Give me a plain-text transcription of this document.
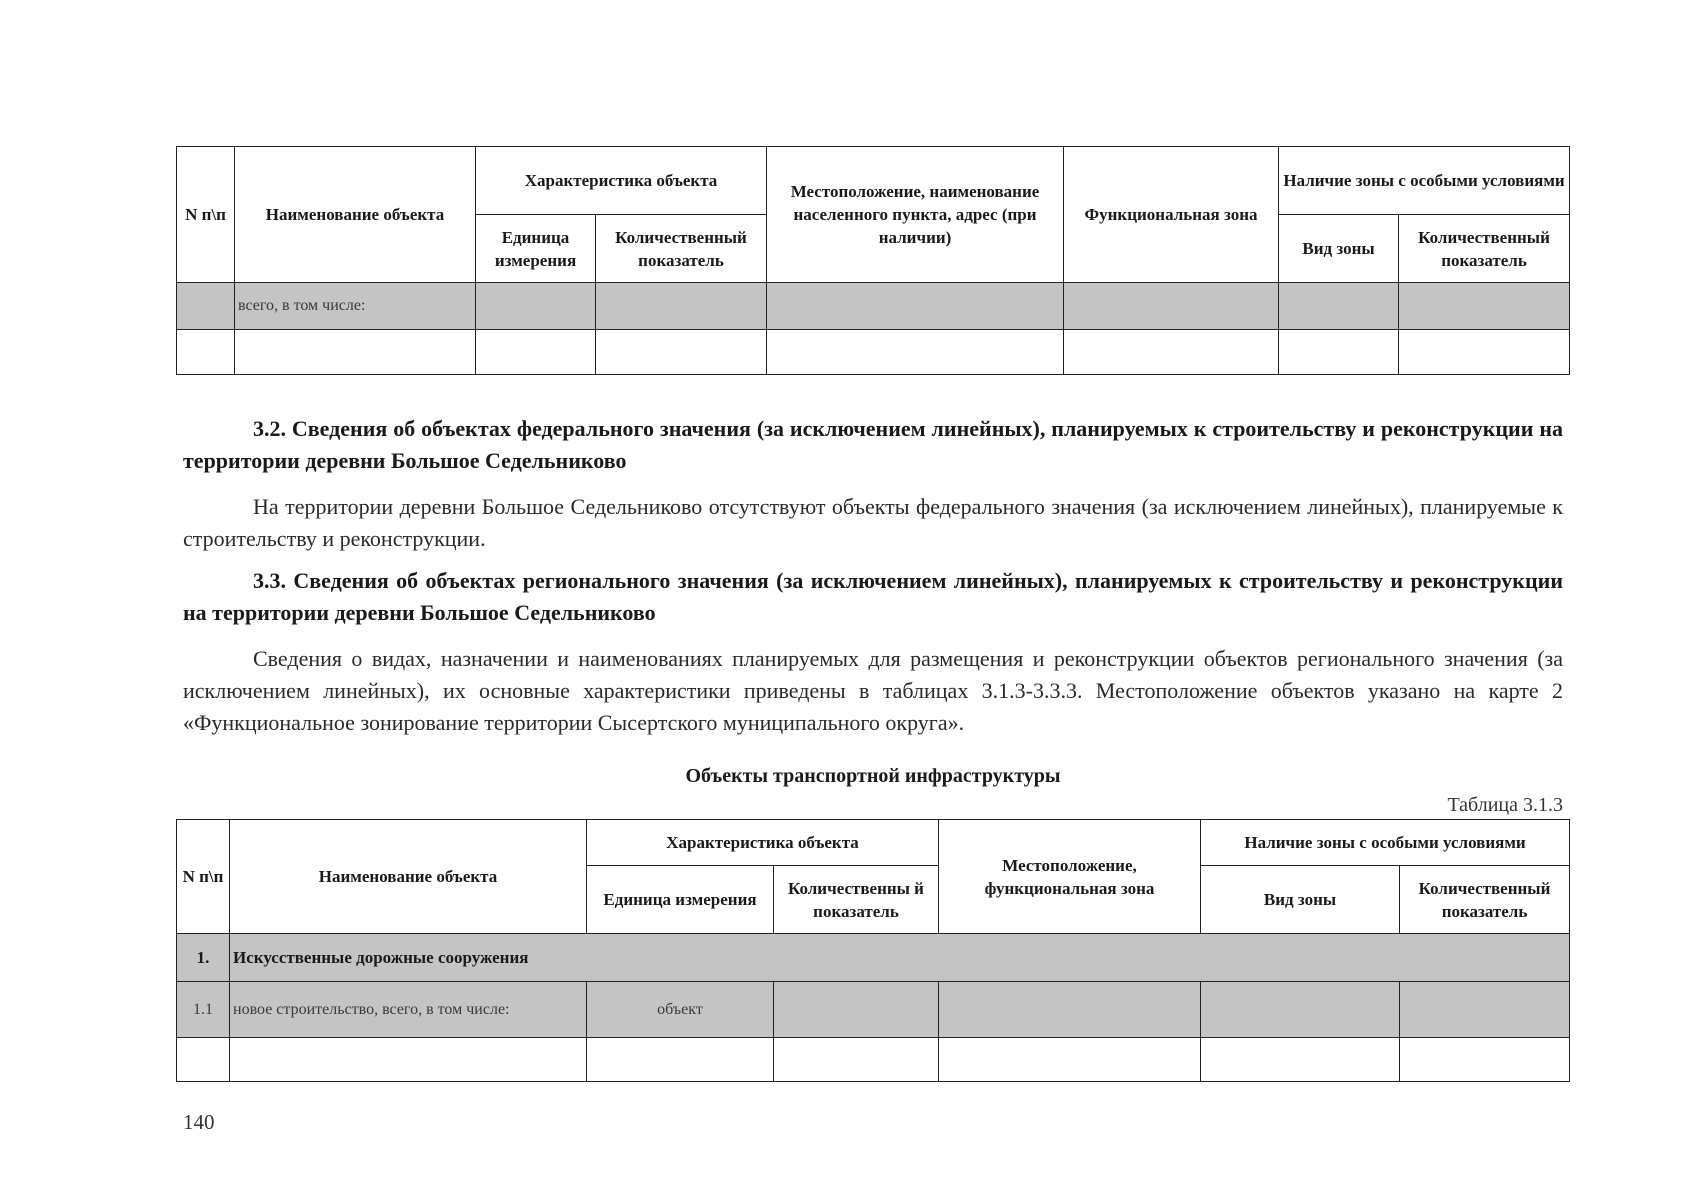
N п\п	Наименование объекта	Характеристика объекта		Местоположение, наименование населенного пункта, адрес (при наличии)	Функциональная зона	Наличие зоны с особыми условиями	
		Единица измерения	Количественный показатель			Вид зоны	Количественный показатель
	всего, в том числе:						

3.2. Сведения об объектах федерального значения (за исключением линейных), планируемых к строительству и реконструкции на территории деревни Большое Седельниково

На территории деревни Большое Седельниково отсутствуют объекты федерального значения (за исключением линейных), планируемые к строительству и реконструкции.

3.3. Сведения об объектах регионального значения (за исключением линейных), планируемых к строительству и реконструкции на территории деревни Большое Седельниково

Сведения о видах, назначении и наименованиях планируемых для размещения и реконструкции объектов регионального значения (за исключением линейных), их основные характеристики приведены в таблицах 3.1.3-3.3.3. Местоположение объектов указано на карте 2 «Функциональное зонирование территории Сысертского муниципального округа».

Объекты транспортной инфраструктуры

Таблица 3.1.3

N п\п	Наименование объекта	Характеристика объекта		Местоположение, функциональная зона	Наличие зоны с особыми условиями	
		Единица измерения	Количественны й показатель		Вид зоны	Количественный показатель
1.	Искусственные дорожные сооружения					
1.1	новое строительство, всего, в том числе:	объект				

140
